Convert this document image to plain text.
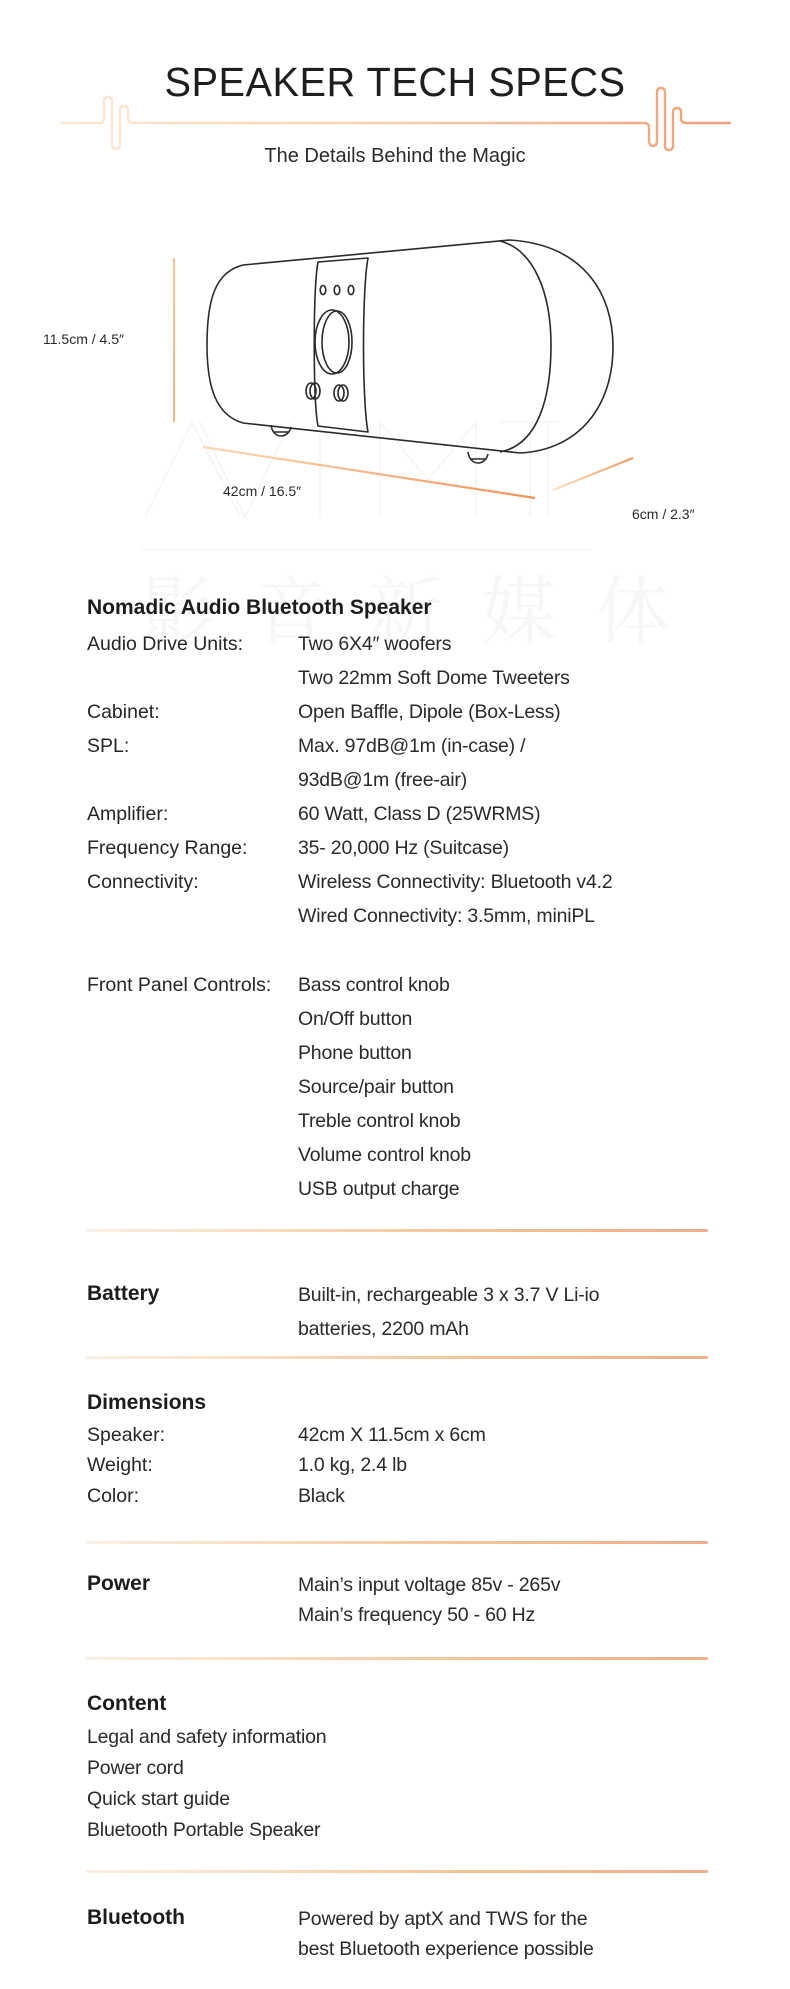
SPEAKER TECH SPECS
The Details Behind the Magic
11.5cm / 4.5″
42cm / 16.5″
6cm / 2.3″
Nomadic Audio Bluetooth Speaker
Audio Drive Units:	Two 6X4″ woofers
Two 22mm Soft Dome Tweeters
Cabinet:	Open Baffle, Dipole (Box-Less)
SPL:	Max. 97dB@1m (in-case) /
93dB@1m (free-air)
Amplifier:	60 Watt, Class D (25WRMS)
Frequency Range:	35- 20,000 Hz (Suitcase)
Connectivity:	Wireless Connectivity: Bluetooth v4.2
Wired Connectivity: 3.5mm, miniPL
Front Panel Controls: Bass control knob
On/Off button
Phone button
Source/pair button
Treble control knob
Volume control knob
USB output charge
Battery	Built-in, rechargeable 3 x 3.7 V Li-io
batteries, 2200 mAh
Dimensions
Speaker:	42cm X 11.5cm x 6cm
Weight:	1.0 kg, 2.4 lb
Color:	Black
Power	Main’s input voltage 85v - 265v
Main’s frequency 50 - 60 Hz
Content
Legal and safety information
Power cord
Quick start guide
Bluetooth Portable Speaker
Bluetooth	Powered by aptX and TWS for the
best Bluetooth experience possible
